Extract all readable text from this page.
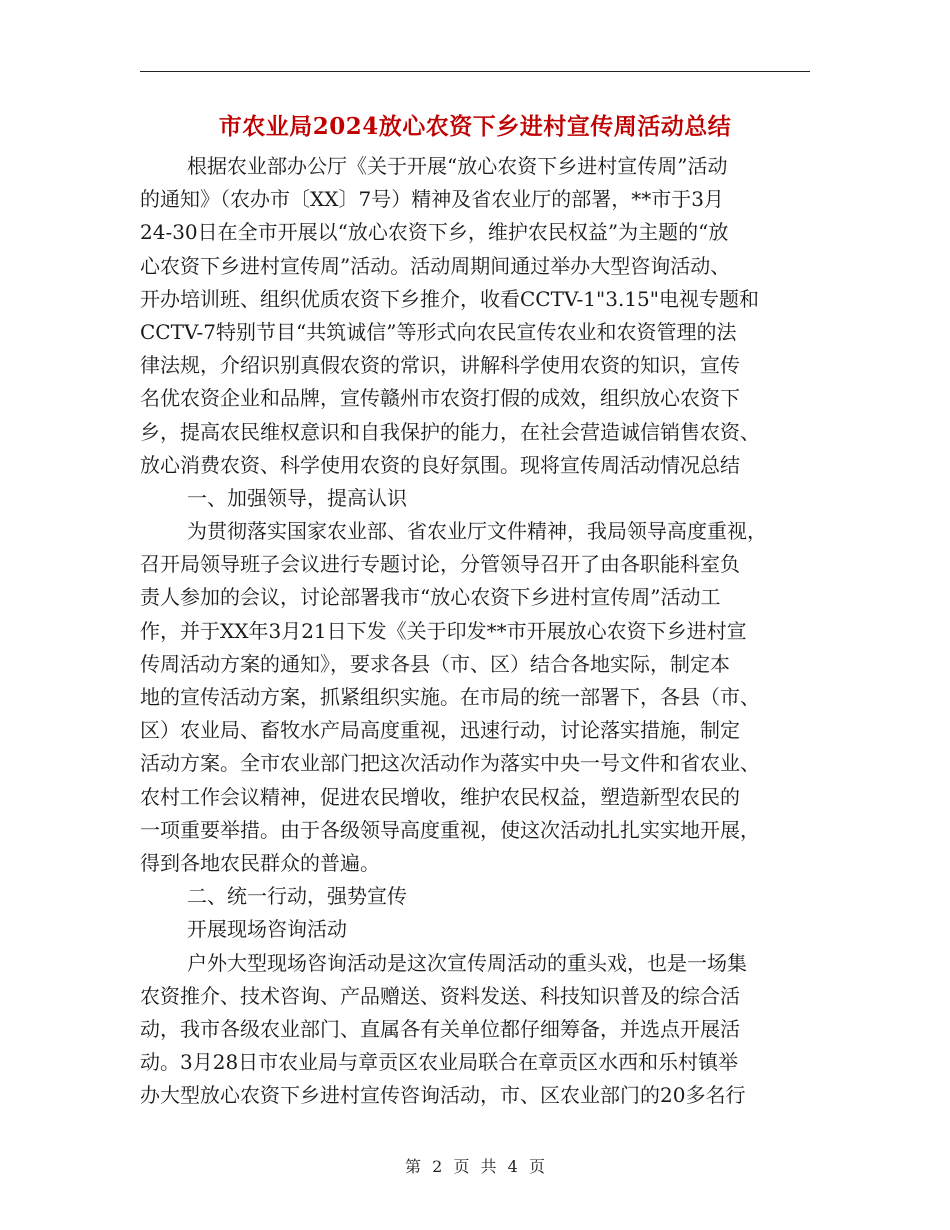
市农业局2024放心农资下乡进村宣传周活动总结
根据农业部办公厅《关于开展“放心农资下乡进村宣传周”活动
的通知》（农办市〔XX〕7号）精神及省农业厅的部署，**市于3月
24-30日在全市开展以“放心农资下乡，维护农民权益”为主题的“放
心农资下乡进村宣传周”活动。活动周期间通过举办大型咨询活动、
开办培训班、组织优质农资下乡推介，收看CCTV-1"3.15"电视专题和
CCTV-7特别节目“共筑诚信”等形式向农民宣传农业和农资管理的法
律法规，介绍识别真假农资的常识，讲解科学使用农资的知识，宣传
名优农资企业和品牌，宣传赣州市农资打假的成效，组织放心农资下
乡，提高农民维权意识和自我保护的能力，在社会营造诚信销售农资、
放心消费农资、科学使用农资的良好氛围。现将宣传周活动情况总结
一、加强领导，提高认识
为贯彻落实国家农业部、省农业厅文件精神，我局领导高度重视，
召开局领导班子会议进行专题讨论，分管领导召开了由各职能科室负
责人参加的会议，讨论部署我市“放心农资下乡进村宣传周”活动工
作，并于XX年3月21日下发《关于印发**市开展放心农资下乡进村宣
传周活动方案的通知》，要求各县（市、区）结合各地实际，制定本
地的宣传活动方案，抓紧组织实施。在市局的统一部署下，各县（市、
区）农业局、畜牧水产局高度重视，迅速行动，讨论落实措施，制定
活动方案。全市农业部门把这次活动作为落实中央一号文件和省农业、
农村工作会议精神，促进农民增收，维护农民权益，塑造新型农民的
一项重要举措。由于各级领导高度重视，使这次活动扎扎实实地开展，
得到各地农民群众的普遍。
二、统一行动，强势宣传
开展现场咨询活动
户外大型现场咨询活动是这次宣传周活动的重头戏，也是一场集
农资推介、技术咨询、产品赠送、资料发送、科技知识普及的综合活
动，我市各级农业部门、直属各有关单位都仔细筹备，并选点开展活
动。3月28日市农业局与章贡区农业局联合在章贡区水西和乐村镇举
办大型放心农资下乡进村宣传咨询活动，市、区农业部门的20多名行
第 2 页 共 4 页
